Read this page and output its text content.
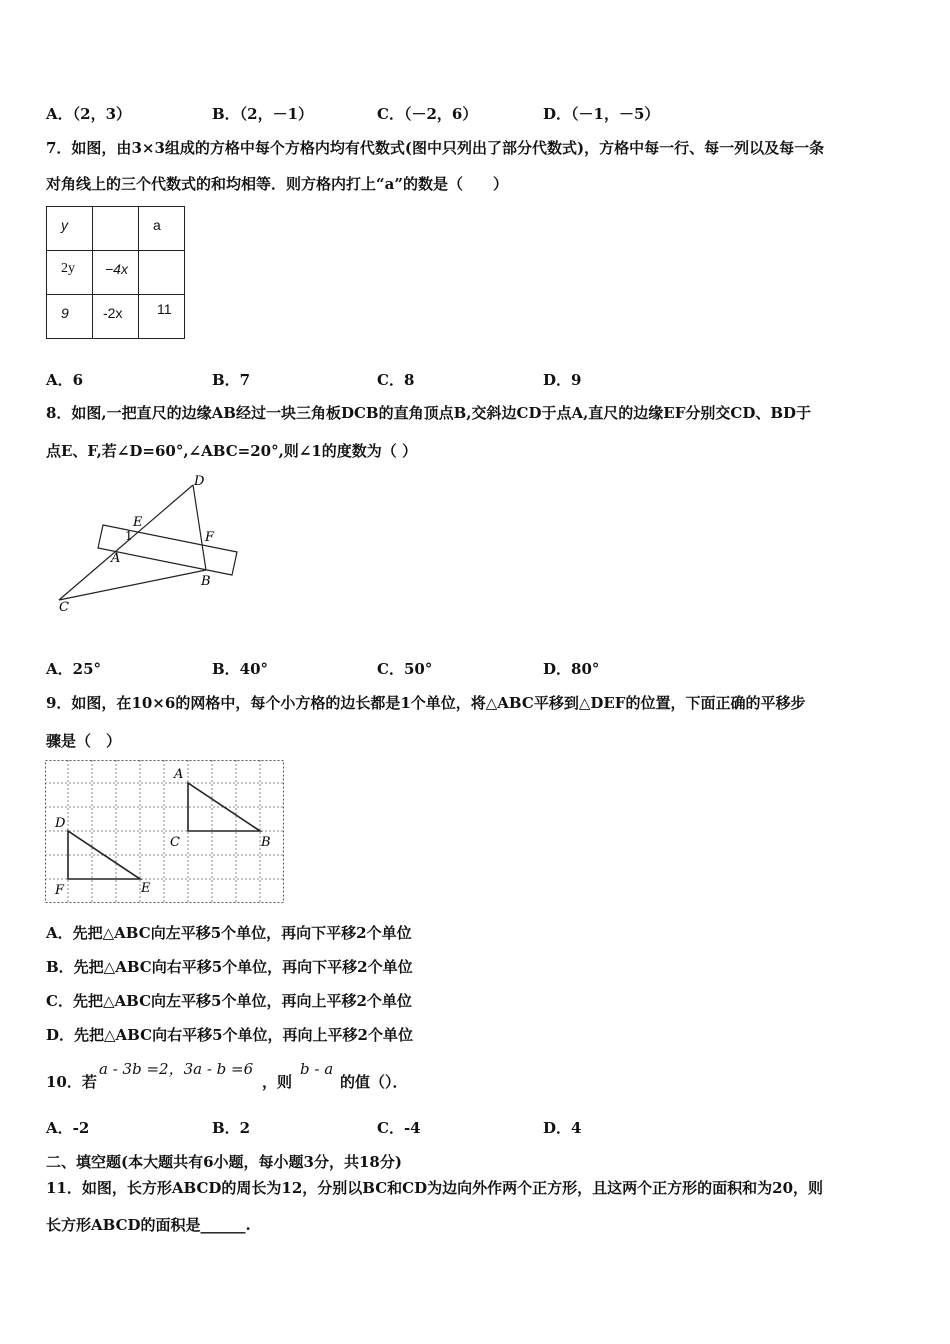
A．（2，3）	B．（2，－1）	C．（－2，6）	D．（－1，－5）
7．如图，由3×3组成的方格中每个方格内均有代数式(图中只列出了部分代数式)，方格中每一行、每一列以及每一条
对角线上的三个代数式的和均相等．则方格内打上“a”的数是（　　）
y		a
2y	−4x	
9	-2x	11
A．6	B．7	C．8	D．9
8．如图,一把直尺的边缘AB经过一块三角板DCB的直角顶点B,交斜边CD于点A,直尺的边缘EF分别交CD、BD于
点E、F,若∠D=60°,∠ABC=20°,则∠1的度数为（ ）
D
E
F
1
A
B
C
A．25°	B．40°	C．50°	D．80°
9．如图，在10×6的网格中，每个小方格的边长都是1个单位，将△ABC平移到△DEF的位置，下面正确的平移步
骤是（　）
A
B
C
D
E
F
A．先把△ABC向左平移5个单位，再向下平移2个单位
B．先把△ABC向右平移5个单位，再向下平移2个单位
C．先把△ABC向左平移5个单位，再向上平移2个单位
D．先把△ABC向右平移5个单位，再向上平移2个单位
10．若
a - 3b =2，3a - b =6
，则
b - a
的值（）．
A．-2	B．2	C．-4	D．4
二、填空题(本大题共有6小题，每小题3分，共18分)
11．如图，长方形ABCD的周长为12，分别以BC和CD为边向外作两个正方形，且这两个正方形的面积和为20，则
长方形ABCD的面积是______.
